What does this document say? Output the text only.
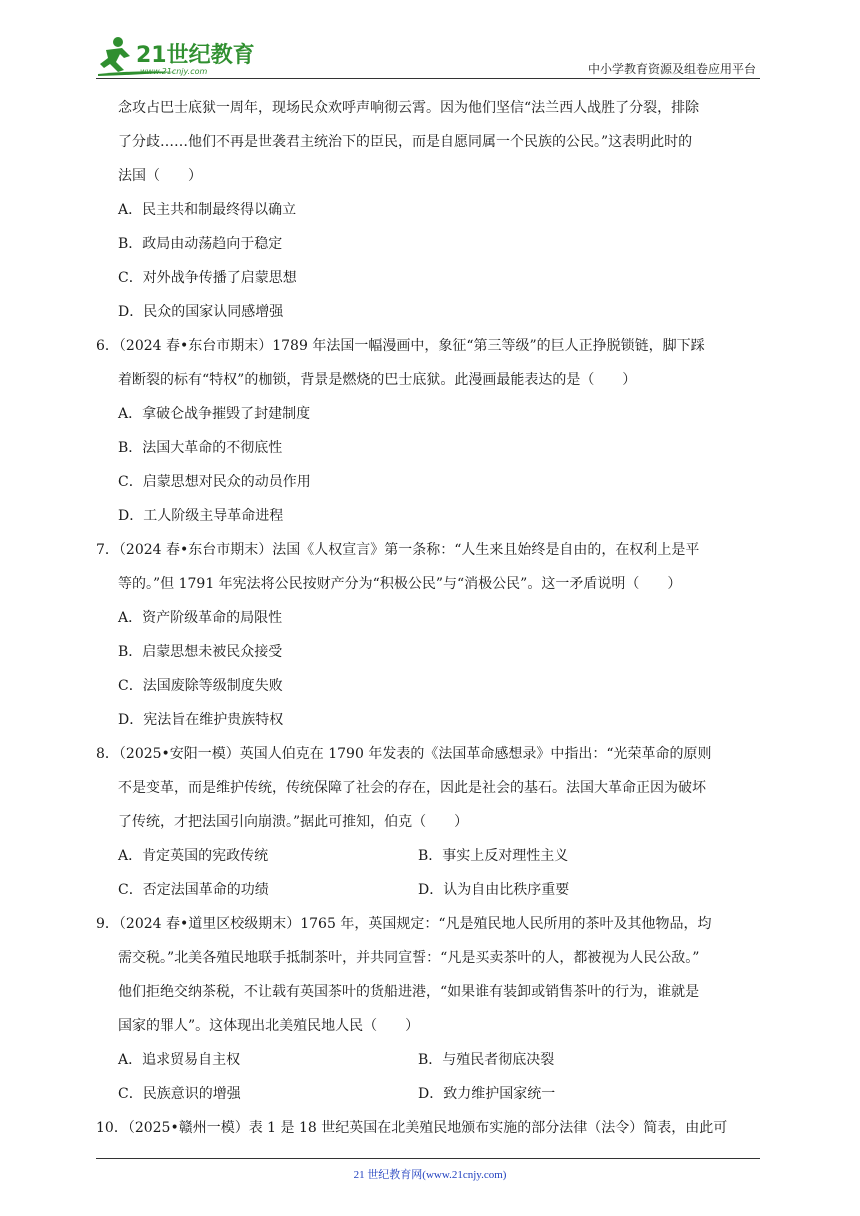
21世纪教育
www.21cnjy.com	中小学教育资源及组卷应用平台
念攻占巴士底狱一周年，现场民众欢呼声响彻云霄。因为他们坚信“法兰西人战胜了分裂，排除
了分歧……他们不再是世袭君主统治下的臣民，而是自愿同属一个民族的公民。”这表明此时的
法国（　　）
A．民主共和制最终得以确立
B．政局由动荡趋向于稳定
C．对外战争传播了启蒙思想
D．民众的国家认同感增强
6．（2024 春•东台市期末）1789 年法国一幅漫画中，象征“第三等级”的巨人正挣脱锁链，脚下踩
着断裂的标有“特权”的枷锁，背景是燃烧的巴士底狱。此漫画最能表达的是（　　）
A．拿破仑战争摧毁了封建制度
B．法国大革命的不彻底性
C．启蒙思想对民众的动员作用
D．工人阶级主导革命进程
7．（2024 春•东台市期末）法国《人权宣言》第一条称：“人生来且始终是自由的，在权利上是平
等的。”但 1791 年宪法将公民按财产分为“积极公民”与“消极公民”。这一矛盾说明（　　）
A．资产阶级革命的局限性
B．启蒙思想未被民众接受
C．法国废除等级制度失败
D．宪法旨在维护贵族特权
8．（2025•安阳一模）英国人伯克在 1790 年发表的《法国革命感想录》中指出：“光荣革命的原则
不是变革，而是维护传统，传统保障了社会的存在，因此是社会的基石。法国大革命正因为破坏
了传统，才把法国引向崩溃。”据此可推知，伯克（　　）
A．肯定英国的宪政传统	B．事实上反对理性主义
C．否定法国革命的功绩	D．认为自由比秩序重要
9．（2024 春•道里区校级期末）1765 年，英国规定：“凡是殖民地人民所用的茶叶及其他物品，均
需交税。”北美各殖民地联手抵制茶叶，并共同宣誓：“凡是买卖茶叶的人，都被视为人民公敌。”
他们拒绝交纳茶税，不让载有英国茶叶的货船进港，“如果谁有装卸或销售茶叶的行为，谁就是
国家的罪人”。这体现出北美殖民地人民（　　）
A．追求贸易自主权	B．与殖民者彻底决裂
C．民族意识的增强	D．致力维护国家统一
10．（2025•赣州一模）表 1 是 18 世纪英国在北美殖民地颁布实施的部分法律（法令）简表，由此可
21 世纪教育网(www.21cnjy.com)
